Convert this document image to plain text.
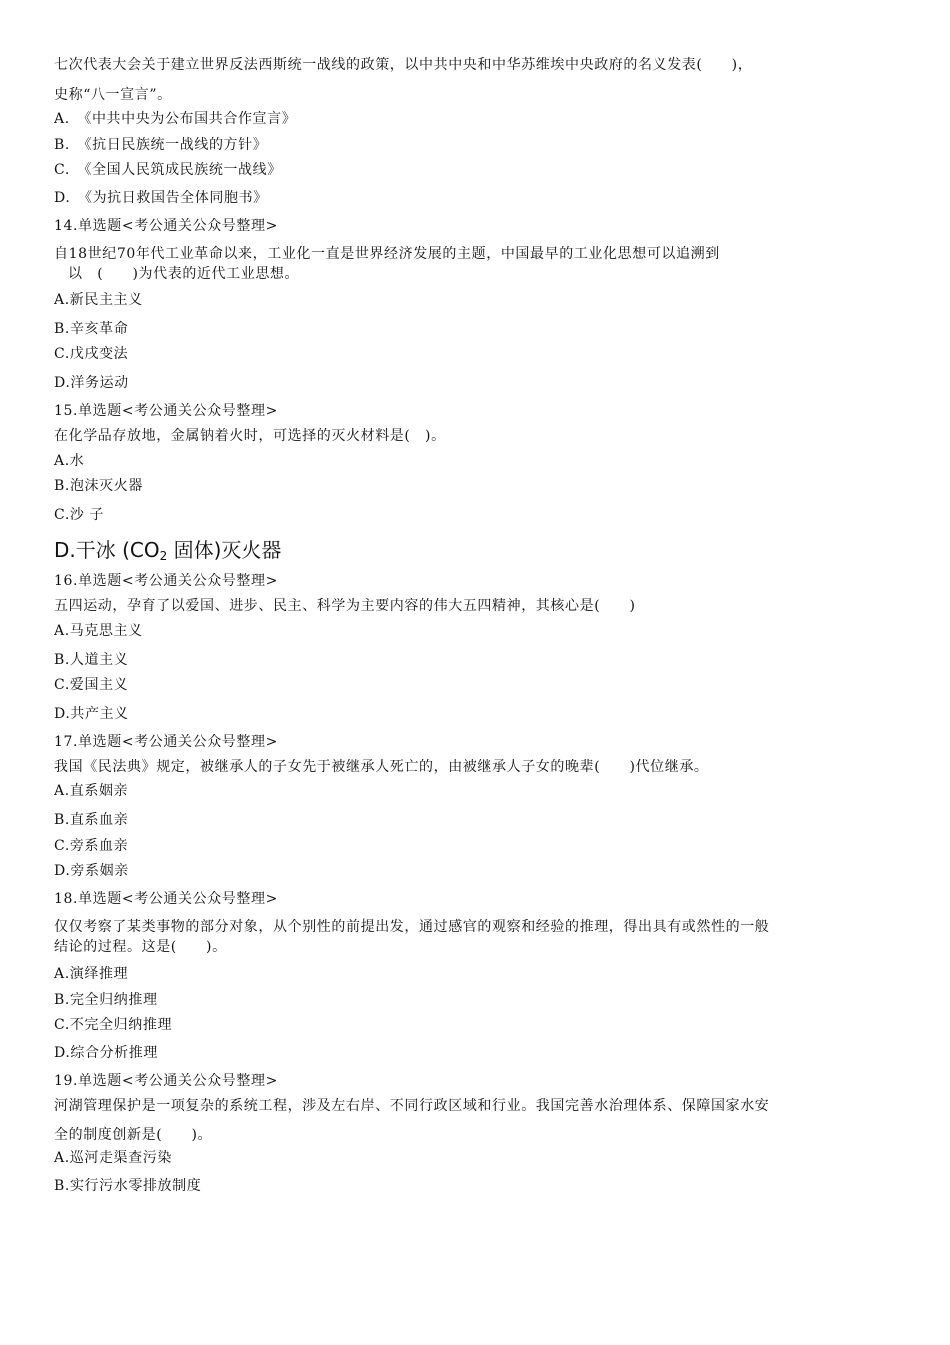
七次代表大会关于建立世界反法西斯统一战线的政策，以中共中央和中华苏维埃中央政府的名义发表(　　)，
史称“八一宣言”。
A.　《中共中央为公布国共合作宣言》
B.　《抗日民族统一战线的方针》
C.　《全国人民筑成民族统一战线》
D.　《为抗日救国告全体同胞书》
14.单选题<考公通关公众号整理>
自18世纪70年代工业革命以来，工业化一直是世界经济发展的主题，中国最早的工业化思想可以追溯到
以　(　　)为代表的近代工业思想。
A.新民主主义
B.辛亥革命
C.戊戌变法
D.洋务运动
15.单选题<考公通关公众号整理>
在化学品存放地，金属钠着火时，可选择的灭火材料是(　)。
A.水
B.泡沫灭火器
C.沙 子
D.干冰 ($CO_2$ 固体)灭火器
16.单选题<考公通关公众号整理>
五四运动，孕育了以爱国、进步、民主、科学为主要内容的伟大五四精神，其核心是(　　)
A.马克思主义
B.人道主义
C.爱国主义
D.共产主义
17.单选题<考公通关公众号整理>
我国《民法典》规定，被继承人的子女先于被继承人死亡的，由被继承人子女的晚辈(　　)代位继承。
A.直系姻亲
B.直系血亲
C.旁系血亲
D.旁系姻亲
18.单选题<考公通关公众号整理>
仅仅考察了某类事物的部分对象，从个别性的前提出发，通过感官的观察和经验的推理，得出具有或然性的一般
结论的过程。这是(　　)。
A.演绎推理
B.完全归纳推理
C.不完全归纳推理
D.综合分析推理
19.单选题<考公通关公众号整理>
河湖管理保护是一项复杂的系统工程，涉及左右岸、不同行政区域和行业。我国完善水治理体系、保障国家水安
全的制度创新是(　　)。
A.巡河走渠查污染
B.实行污水零排放制度
